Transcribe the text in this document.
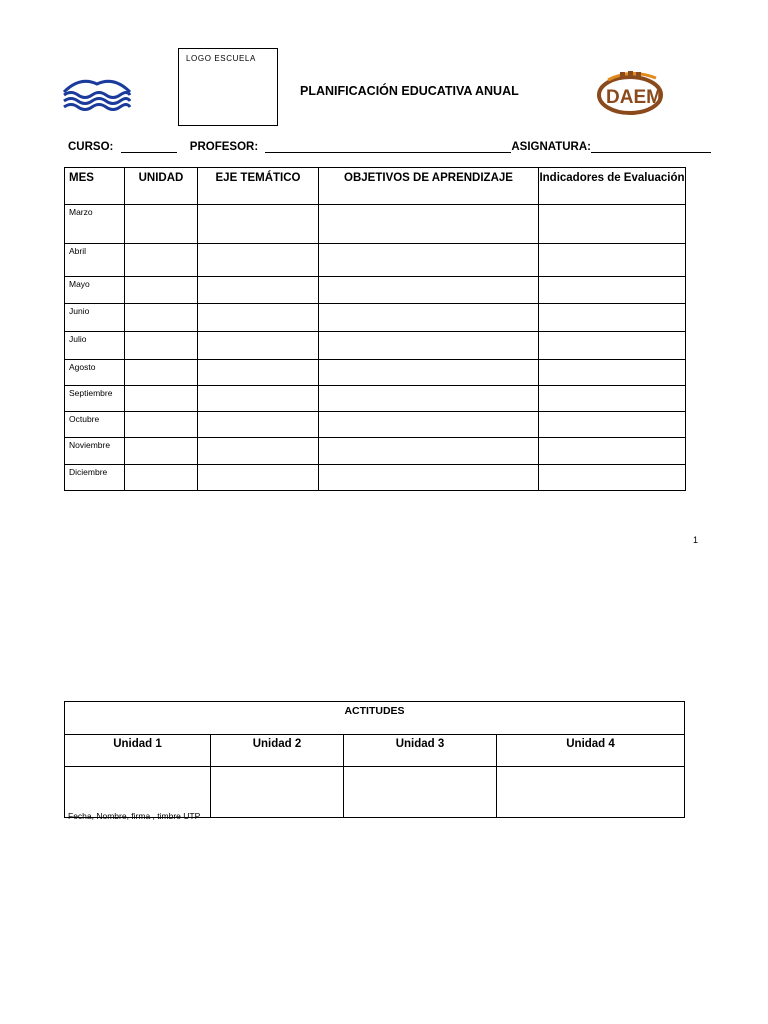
LOGO ESCUELA
PLANIFICACIÓN EDUCATIVA ANUAL	DAEM
CURSO:	PROFESOR:	ASIGNATURA:
MES	UNIDAD	EJE TEMÁTICO	OBJETIVOS DE APRENDIZAJE	Indicadores de Evaluación
Marzo				
Abril				
Mayo				
Junio				
Julio				
Agosto				
Septiembre				
Octubre				
Noviembre				
Diciembre				
1
ACTITUDES			
Unidad 1	Unidad 2	Unidad 3	Unidad 4

Fecha, Nombre, firma , timbre UTP
